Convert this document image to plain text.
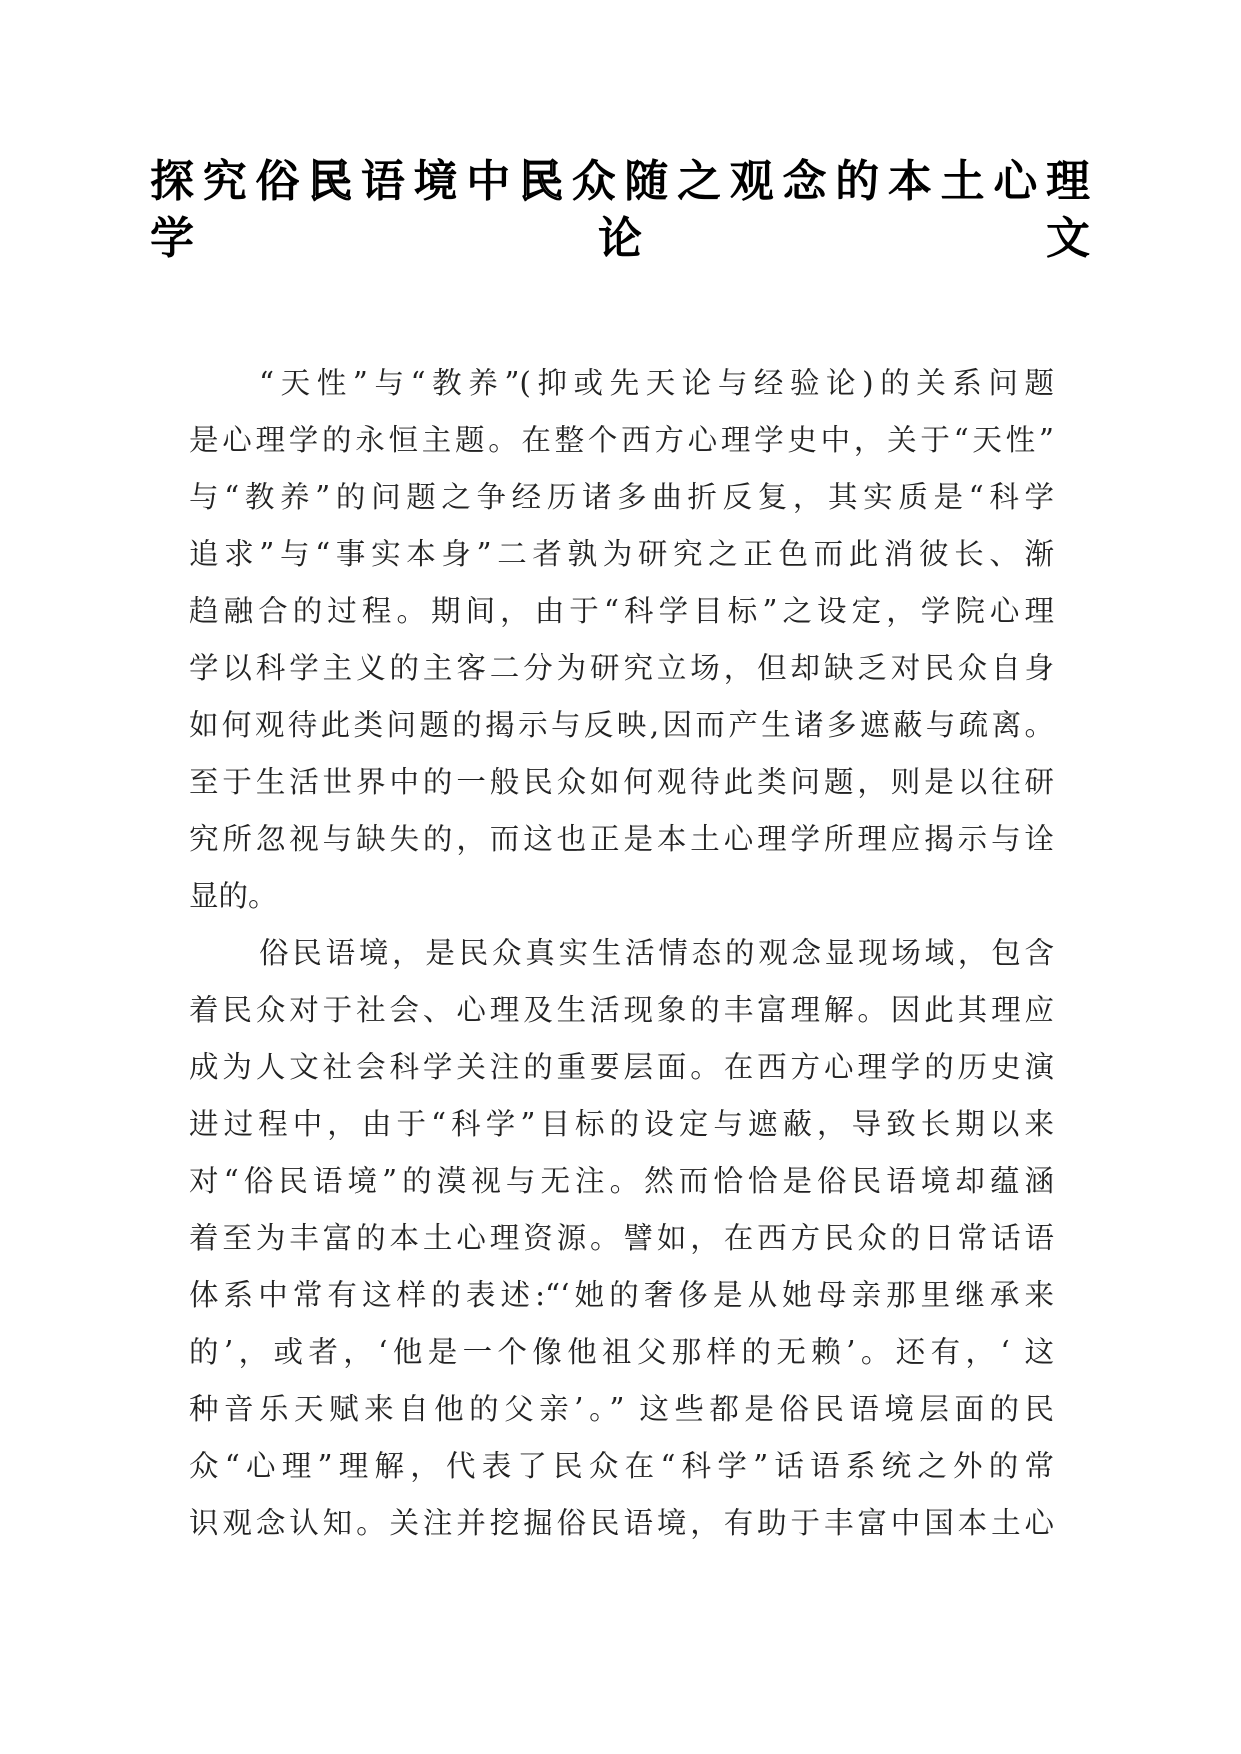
探究俗民语境中民众随之观念的本土心理
学论文
“天性”与“教养”(抑或先天论与经验论)的关系问题
是心理学的永恒主题。在整个西方心理学史中，关于“天性”
与“教养”的问题之争经历诸多曲折反复，其实质是“科学
追求”与“事实本身”二者孰为研究之正色而此消彼长、渐
趋融合的过程。期间，由于“科学目标”之设定，学院心理
学以科学主义的主客二分为研究立场，但却缺乏对民众自身
如何观待此类问题的揭示与反映,因而产生诸多遮蔽与疏离。
至于生活世界中的一般民众如何观待此类问题，则是以往研
究所忽视与缺失的，而这也正是本土心理学所理应揭示与诠
显的。
俗民语境，是民众真实生活情态的观念显现场域，包含
着民众对于社会、心理及生活现象的丰富理解。因此其理应
成为人文社会科学关注的重要层面。在西方心理学的历史演
进过程中，由于“科学”目标的设定与遮蔽，导致长期以来
对“俗民语境”的漠视与无注。然而恰恰是俗民语境却蕴涵
着至为丰富的本土心理资源。譬如，在西方民众的日常话语
体系中常有这样的表述:“‘她的奢侈是从她母亲那里继承来
的’，或者，‘他是一个像他祖父那样的无赖’。还有，‘ 这
种音乐天赋来自他的父亲’。” 这些都是俗民语境层面的民
众“心理”理解，代表了民众在“科学”话语系统之外的常
识观念认知。关注并挖掘俗民语境，有助于丰富中国本土心
